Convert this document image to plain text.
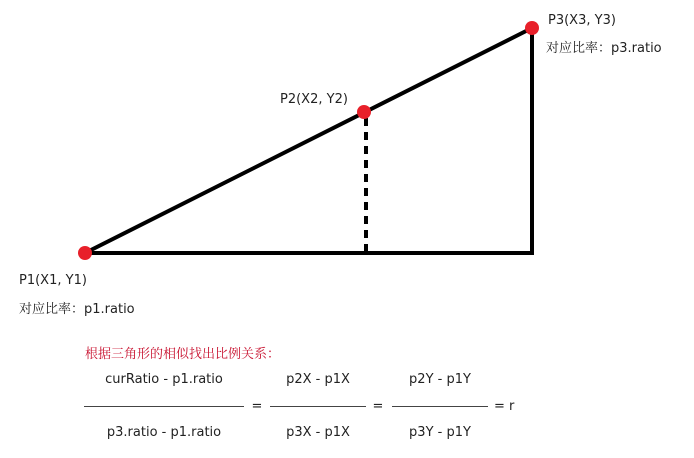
P3(X3, Y3)
对应比率：p3.ratio
P2(X2, Y2)
P1(X1, Y1)
对应比率：p1.ratio
根据三角形的相似找出比例关系：
curRatio - p1.ratio
p3.ratio - p1.ratio
=
p2X - p1X
p3X - p1X
=
p2Y - p1Y
p3Y - p1Y
= r
